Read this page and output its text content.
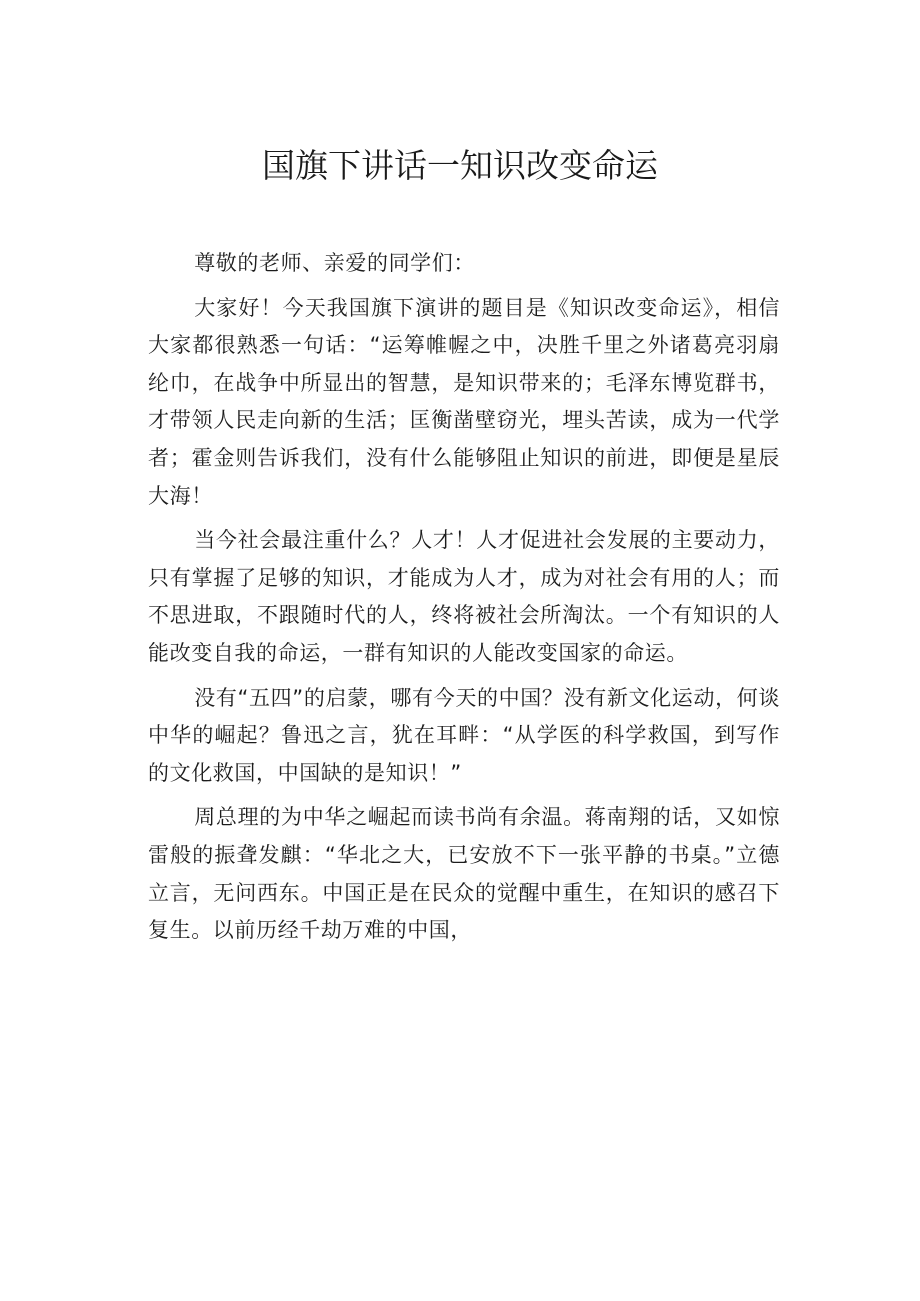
国旗下讲话一知识改变命运

尊敬的老师、亲爱的同学们：

大家好！今天我国旗下演讲的题目是《知识改变命运》，相信大家都很熟悉一句话：“运筹帷幄之中，决胜千里之外诸葛亮羽扇纶巾，在战争中所显出的智慧，是知识带来的；毛泽东博览群书，才带领人民走向新的生活；匡衡凿壁窃光，埋头苦读，成为一代学者；霍金则告诉我们，没有什么能够阻止知识的前进，即便是星辰大海！

当今社会最注重什么？人才！人才促进社会发展的主要动力，只有掌握了足够的知识，才能成为人才，成为对社会有用的人；而不思进取，不跟随时代的人，终将被社会所淘汰。一个有知识的人能改变自我的命运，一群有知识的人能改变国家的命运。

没有“五四”的启蒙，哪有今天的中国？没有新文化运动，何谈中华的崛起？鲁迅之言，犹在耳畔：“从学医的科学救国，到写作的文化救国，中国缺的是知识！”

周总理的为中华之崛起而读书尚有余温。蒋南翔的话，又如惊雷般的振聋发麒：“华北之大，已安放不下一张平静的书桌。”立德立言，无问西东。中国正是在民众的觉醒中重生，在知识的感召下复生。以前历经千劫万难的中国，
